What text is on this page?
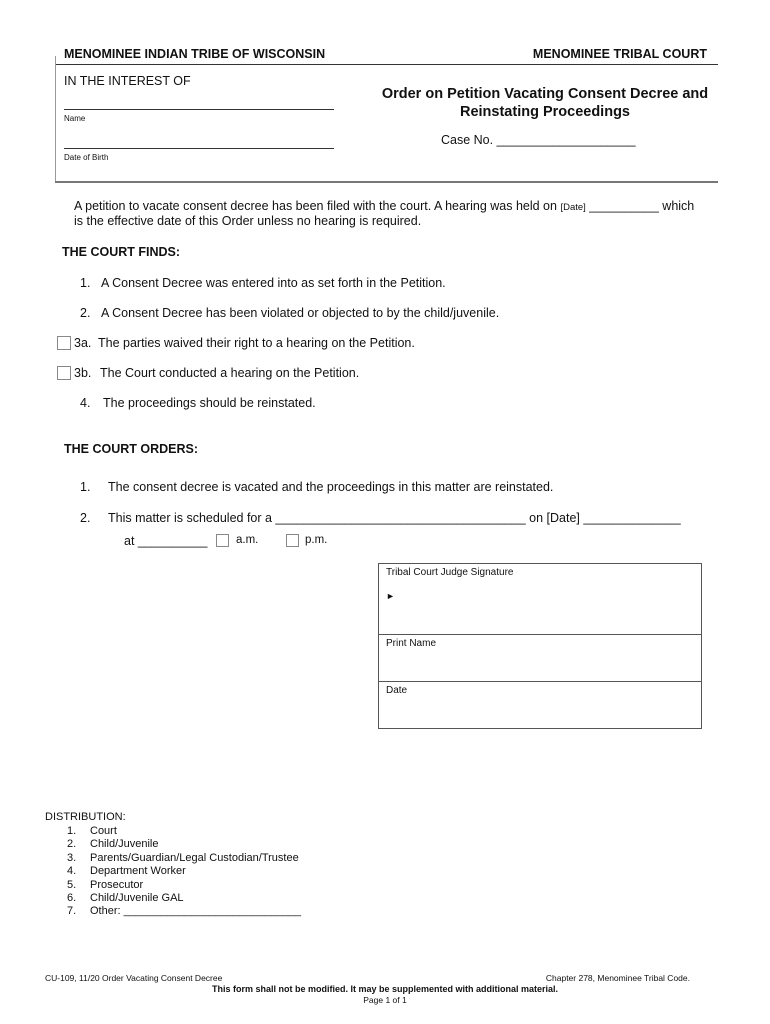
MENOMINEE INDIAN TRIBE OF WISCONSIN	MENOMINEE TRIBAL COURT
IN THE INTEREST OF
Name
Date of Birth
Order on Petition Vacating Consent Decree and
Reinstating Proceedings
Case No. ____________________
A petition to vacate consent decree has been filed with the court. A hearing was held on [Date] __________ which
is the effective date of this Order unless no hearing is required.
THE COURT FINDS:
1. A Consent Decree was entered into as set forth in the Petition.
2. A Consent Decree has been violated or objected to by the child/juvenile.
3a. The parties waived their right to a hearing on the Petition.
3b. The Court conducted a hearing on the Petition.
4. The proceedings should be reinstated.
THE COURT ORDERS:
1. The consent decree is vacated and the proceedings in this matter are reinstated.
2. This matter is scheduled for a ____________________________________ on [Date] ______________
at __________ a.m.	p.m.
Tribal Court Judge Signature
►
Print Name
Date
DISTRIBUTION:
1. Court
2. Child/Juvenile
3. Parents/Guardian/Legal Custodian/Trustee
4. Department Worker
5. Prosecutor
6. Child/Juvenile GAL
7. Other: _____________________________
CU-109, 11/20 Order Vacating Consent Decree	Chapter 278, Menominee Tribal Code.
This form shall not be modified. It may be supplemented with additional material.
Page 1 of 1
